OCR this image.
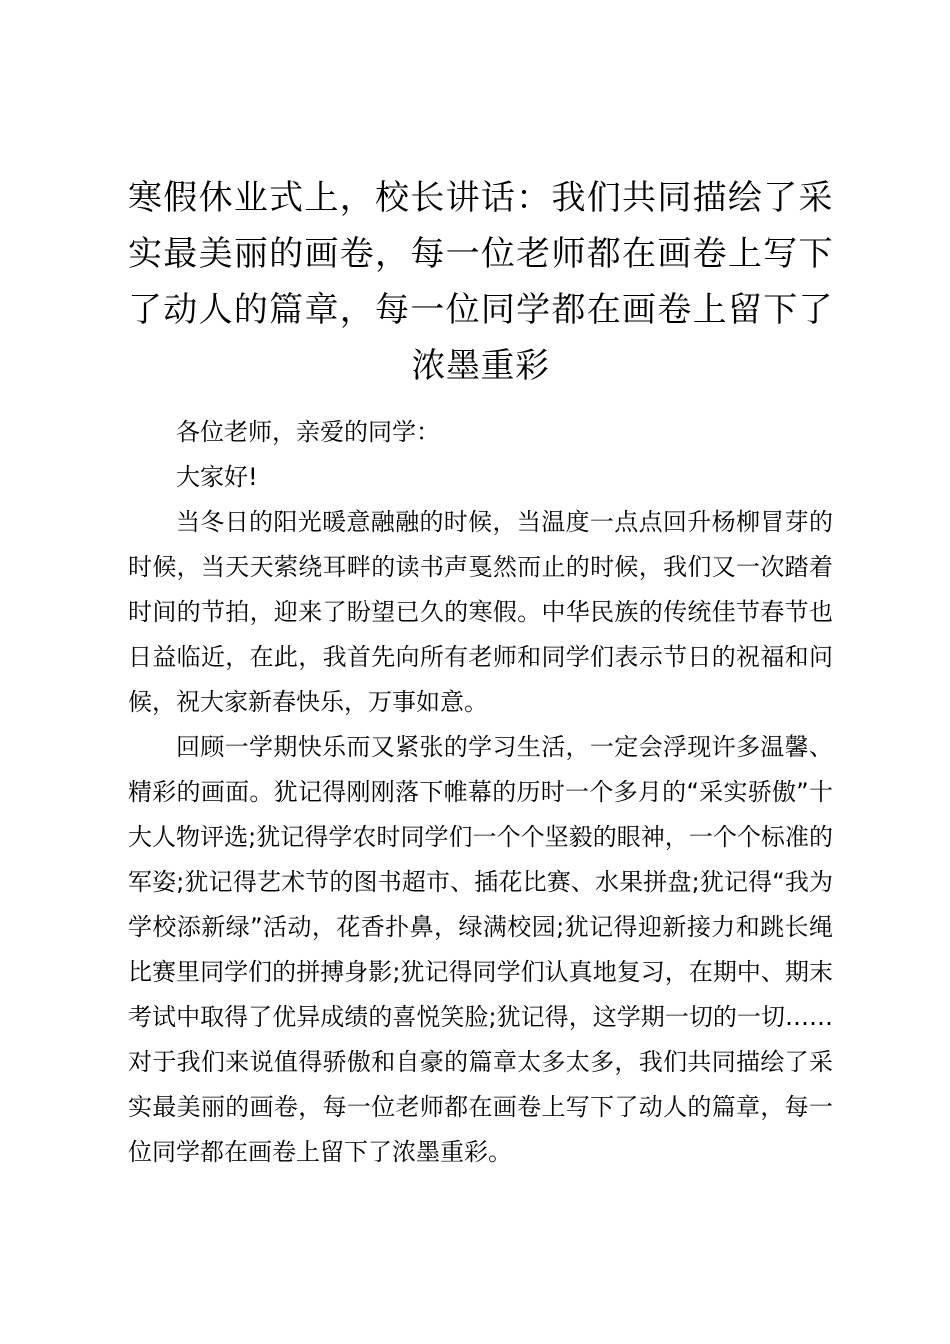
寒假休业式上，校长讲话：我们共同描绘了采实最美丽的画卷，每一位老师都在画卷上写下了动人的篇章，每一位同学都在画卷上留下了浓墨重彩

各位老师，亲爱的同学：

大家好!

当冬日的阳光暖意融融的时候，当温度一点点回升杨柳冒芽的时候，当天天萦绕耳畔的读书声戛然而止的时候，我们又一次踏着时间的节拍，迎来了盼望已久的寒假。中华民族的传统佳节春节也日益临近，在此，我首先向所有老师和同学们表示节日的祝福和问候，祝大家新春快乐，万事如意。

回顾一学期快乐而又紧张的学习生活，一定会浮现许多温馨、精彩的画面。犹记得刚刚落下帷幕的历时一个多月的“采实骄傲”十大人物评选;犹记得学农时同学们一个个坚毅的眼神，一个个标准的军姿;犹记得艺术节的图书超市、插花比赛、水果拼盘;犹记得“我为学校添新绿”活动，花香扑鼻，绿满校园;犹记得迎新接力和跳长绳比赛里同学们的拼搏身影;犹记得同学们认真地复习，在期中、期末考试中取得了优异成绩的喜悦笑脸;犹记得，这学期一切的一切……对于我们来说值得骄傲和自豪的篇章太多太多，我们共同描绘了采实最美丽的画卷，每一位老师都在画卷上写下了动人的篇章，每一位同学都在画卷上留下了浓墨重彩。
